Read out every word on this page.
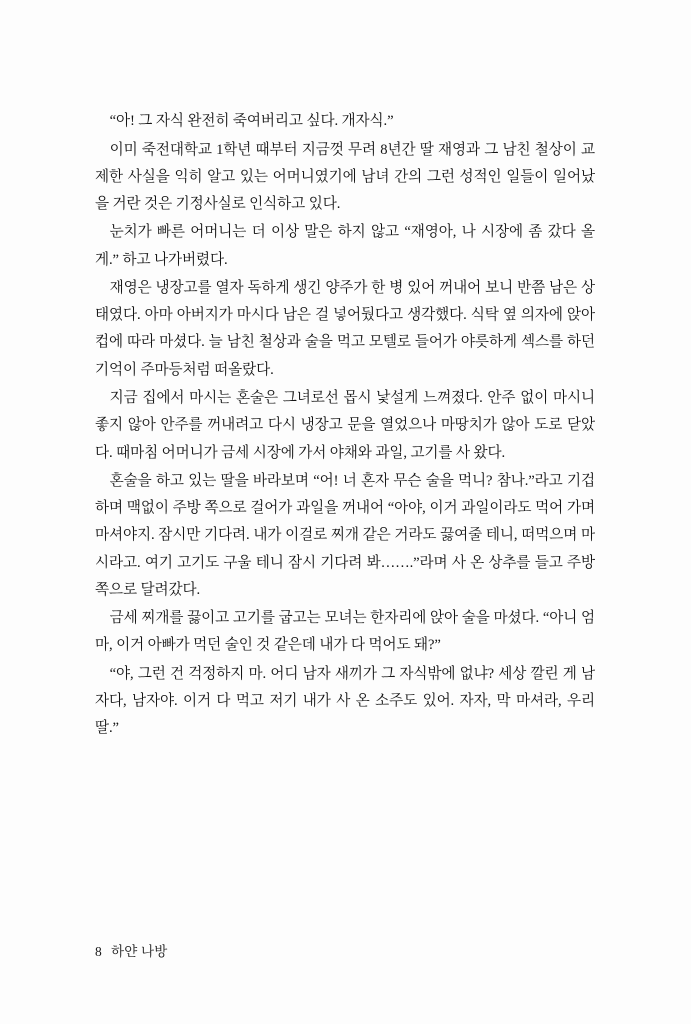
“아! 그 자식 완전히 죽여버리고 싶다. 개자식.”

이미 죽전대학교 1학년 때부터 지금껏 무려 8년간 딸 재영과 그 남친 철상이 교제한 사실을 익히 알고 있는 어머니였기에 남녀 간의 그런 성적인 일들이 일어났을 거란 것은 기정사실로 인식하고 있다.

눈치가 빠른 어머니는 더 이상 말은 하지 않고 “재영아, 나 시장에 좀 갔다 올게.” 하고 나가버렸다.

재영은 냉장고를 열자 독하게 생긴 양주가 한 병 있어 꺼내어 보니 반쯤 남은 상태였다. 아마 아버지가 마시다 남은 걸 넣어뒀다고 생각했다. 식탁 옆 의자에 앉아 컵에 따라 마셨다. 늘 남친 철상과 술을 먹고 모텔로 들어가 야릇하게 섹스를 하던 기억이 주마등처럼 떠올랐다.

지금 집에서 마시는 혼술은 그녀로선 몹시 낯설게 느껴졌다. 안주 없이 마시니 좋지 않아 안주를 꺼내려고 다시 냉장고 문을 열었으나 마땅치가 않아 도로 닫았다. 때마침 어머니가 금세 시장에 가서 야채와 과일, 고기를 사 왔다.

혼술을 하고 있는 딸을 바라보며 “어! 너 혼자 무슨 술을 먹니? 참나.”라고 기겁하며 맥없이 주방 쪽으로 걸어가 과일을 꺼내어 “아야, 이거 과일이라도 먹어 가며 마셔야지. 잠시만 기다려. 내가 이걸로 찌개 같은 거라도 끓여줄 테니, 떠먹으며 마시라고. 여기 고기도 구울 테니 잠시 기다려 봐…….”라며 사 온 상추를 들고 주방 쪽으로 달려갔다.

금세 찌개를 끓이고 고기를 굽고는 모녀는 한자리에 앉아 술을 마셨다. “아니 엄마, 이거 아빠가 먹던 술인 것 같은데 내가 다 먹어도 돼?”

“야, 그런 건 걱정하지 마. 어디 남자 새끼가 그 자식밖에 없냐? 세상 깔린 게 남자다, 남자야. 이거 다 먹고 저기 내가 사 온 소주도 있어. 자자, 막 마셔라, 우리 딸.”

8 하얀 나방
